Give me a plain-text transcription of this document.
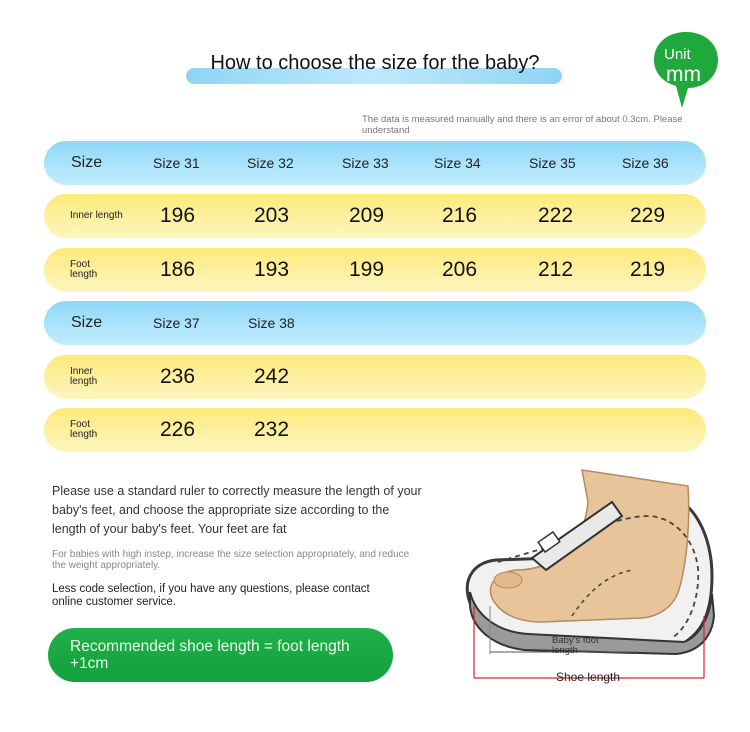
How to choose the size for the baby?	Unit
mm
The data is measured manually and there is an error of about 0.3cm. Please understand
Size	Size 31	Size 32	Size 33	Size 34	Size 35	Size 36
Inner length 196	203	209	216	222	229
Foot
length	186	193	199	206	212	219
Size	Size 37	Size 38
Inner
length	236	242
Foot
length	226	232
Please use a standard ruler to correctly measure the length of your baby's feet, and choose the appropriate size according to the length of your baby's feet. Your feet are fat
For babies with high instep, increase the size selection appropriately, and reduce the weight appropriately.
Less code selection, if you have any questions, please contact online customer service.
Recommended shoe length = foot length +1cm
Baby's foot
length
Shoe length
